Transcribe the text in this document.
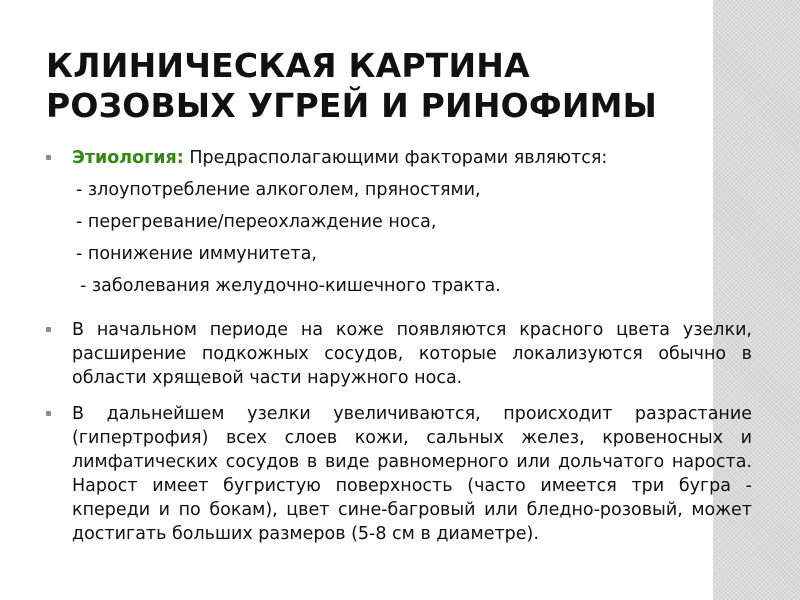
КЛИНИЧЕСКАЯ КАРТИНА
РОЗОВЫХ УГРЕЙ И РИНОФИМЫ
Этиология: Предрасполагающими факторами являются:
- злоупотребление алкоголем, пряностями,
- перегревание/переохлаждение носа,
- понижение иммунитета,
- заболевания желудочно-кишечного тракта.
В начальном периоде на коже появляются красного цвета узелки, расширение подкожных сосудов, которые локализуются обычно в области хрящевой части наружного носа.
В дальнейшем узелки увеличиваются, происходит разрастание (гипертрофия) всех слоев кожи, сальных желез, кровеносных и лимфатических сосудов в виде равномерного или дольчатого нароста. Нарост имеет бугристую поверхность (часто имеется три бугра - кпереди и по бокам), цвет сине-багровый или бледно-розовый, может достигать больших размеров (5-8 см в диаметре).
